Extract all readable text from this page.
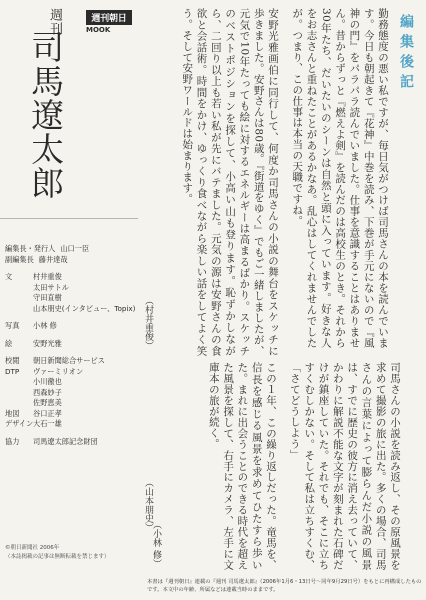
週刊
司馬遼太郎
週刊朝日
MOOK
編集長・発行人 山口一臣
副編集長 藤井達哉
文	村井重俊
太田サトル
守田直樹
山本朋史(インタビュー、Topix)
写真	小林 修
絵	安野光雅
校閲	朝日新聞総合サービス
DTP	ヴァーミリオン
小川徹也
西森妙子
佐野恵美
地図	谷口正孝
デザイン 大石一雄
協力	司馬遼太郎記念財団
©朝日新聞社 2006年
（本誌掲載の記事は無断転載を禁じます）
編集後記
勤務態度の悪い私ですが、毎日気がつけば司馬さんの本を読んでいます。今日も朝起きて『花神』中巻を読み、下巻が手元にないので『風神の門』をパラパラ読んでいました。仕事を意識することはありません。昔からずっと『燃えよ剣』を読んだのは高校生のとき。それから30年たち、だいたいのシーンは自然と頭に入っています。好きな人をお志さんと重ねたことがあるかなあ。乱心はしてくれませんでしたが。つまり、この仕事は本当の天職ですね。
（村井重俊）	安野光雅画伯に同行して、何度か司馬さんの小説の舞台をスケッチに歩きました。安野さんは80歳。『街道をゆく』でもご一緒しましたが、元気で10年たっても絵に対するエネルギーは高まるばかり。スケッチのベストポジションを探して、小高い山も登ります。恥ずかしながら、二回り以上も若い私が先にバテました。元気の源は安野さんの食欲と会話術。時間をかけ、ゆっくり食べながら楽しい話をしてよく笑う。そして安野ワールドは始まります。
司馬さんの小説を読み返し、その原風景を求めて撮影の旅に出た。多くの場合、司馬さんの言葉によって膨らんだ小説の風景は、すでに歴史の彼方に消え去っていて、かわりに解説不能な文字が刻まれた石碑だけが鎮座していた。それでも、そこに立ちすくむしかない。そして私は立ちすくむ、「さてどうしよう」
この１年、この繰り返しだった。竜馬を、信長を感じる風景を求めてひたすら歩いた。まれに出会うことのできる時代を超えた風景を探して、右手にカメラ、左手に文庫本の旅が続く。
（山本朋史）
（小林 修）
本書は『週刊朝日』連載の『週刊 司馬遼太郎』（2006年1月6・13日号〜同年9月29日号）をもとに再構成したものです。本文中の年齢、所属などは連載当時のままです。
